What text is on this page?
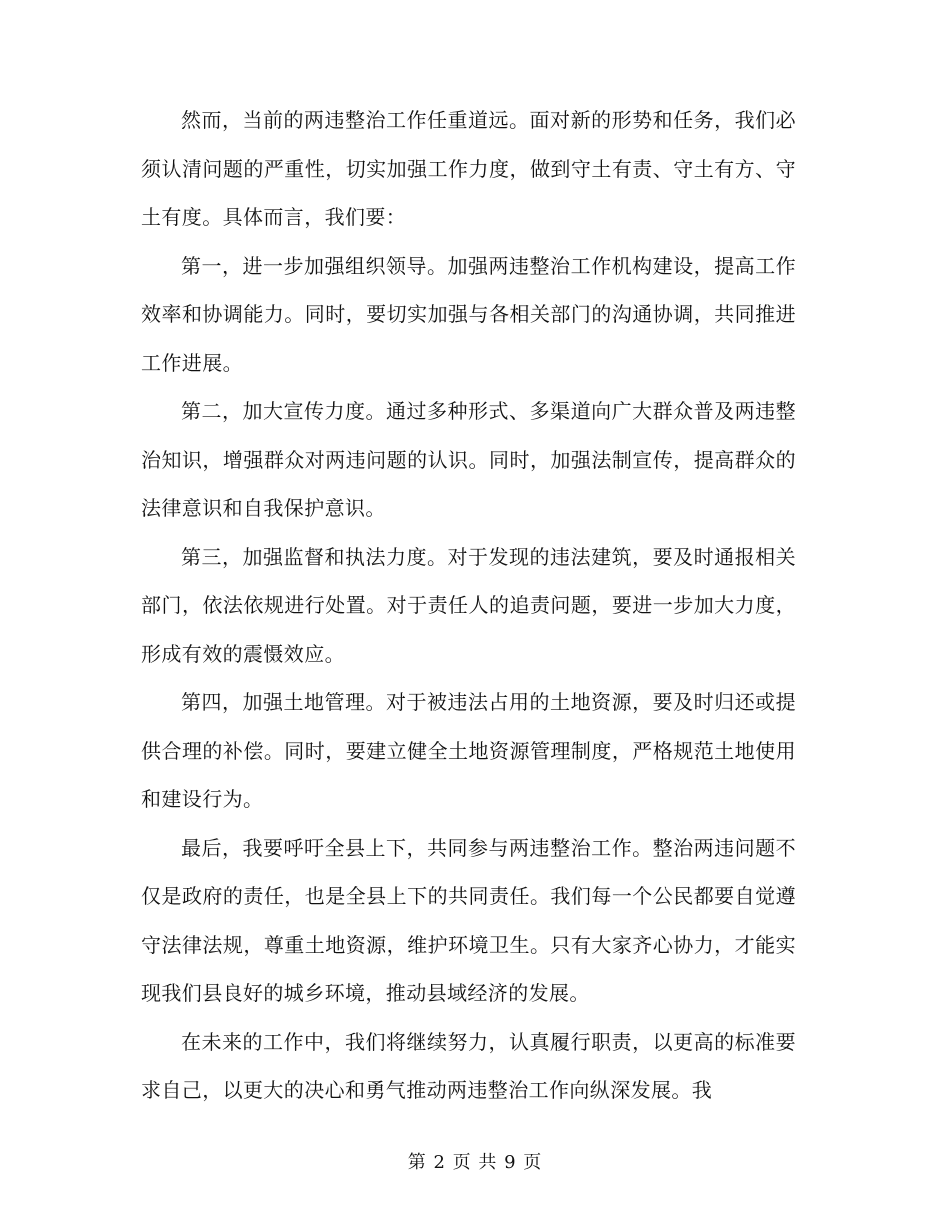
然而，当前的两违整治工作任重道远。面对新的形势和任务，我们必须认清问题的严重性，切实加强工作力度，做到守土有责、守土有方、守土有度。具体而言，我们要：

第一，进一步加强组织领导。加强两违整治工作机构建设，提高工作效率和协调能力。同时，要切实加强与各相关部门的沟通协调，共同推进工作进展。

第二，加大宣传力度。通过多种形式、多渠道向广大群众普及两违整治知识，增强群众对两违问题的认识。同时，加强法制宣传，提高群众的法律意识和自我保护意识。

第三，加强监督和执法力度。对于发现的违法建筑，要及时通报相关部门，依法依规进行处置。对于责任人的追责问题，要进一步加大力度，形成有效的震慑效应。

第四，加强土地管理。对于被违法占用的土地资源，要及时归还或提供合理的补偿。同时，要建立健全土地资源管理制度，严格规范土地使用和建设行为。

最后，我要呼吁全县上下，共同参与两违整治工作。整治两违问题不仅是政府的责任，也是全县上下的共同责任。我们每一个公民都要自觉遵守法律法规，尊重土地资源，维护环境卫生。只有大家齐心协力，才能实现我们县良好的城乡环境，推动县域经济的发展。

在未来的工作中，我们将继续努力，认真履行职责，以更高的标准要求自己，以更大的决心和勇气推动两违整治工作向纵深发展。我

第 2 页 共 9 页
